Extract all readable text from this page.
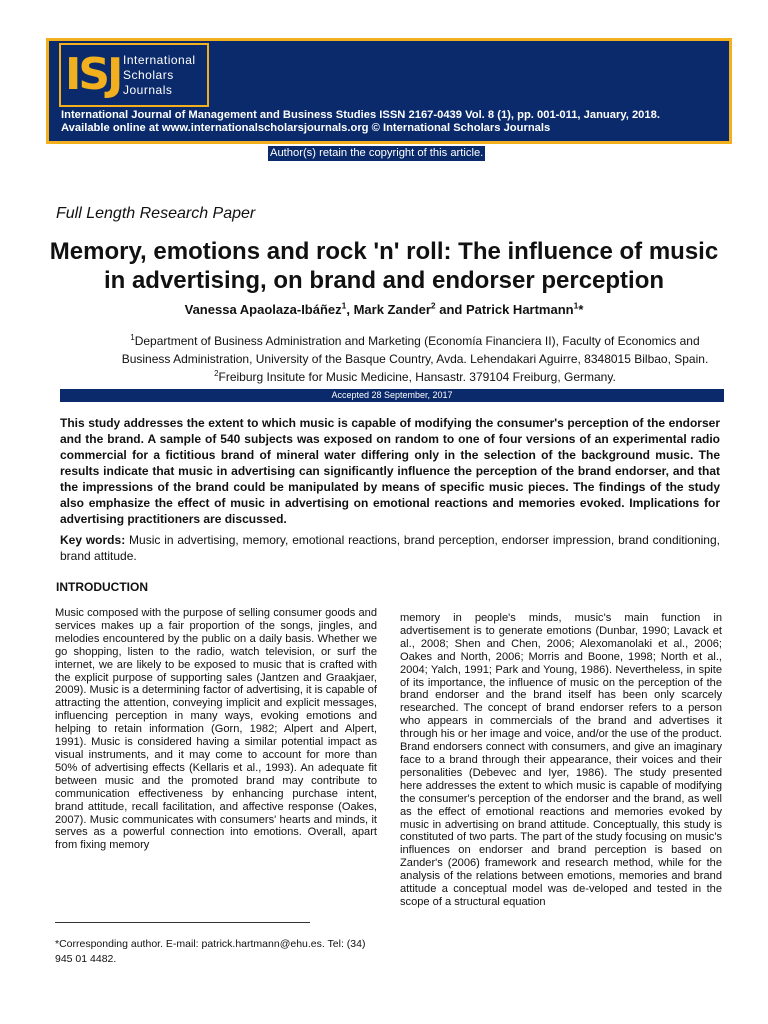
ISJ International
Scholars
Journals
International Journal of Management and Business Studies ISSN 2167-0439 Vol. 8 (1), pp. 001-011, January, 2018.
Available online at www.internationalscholarsjournals.org © International Scholars Journals
Author(s) retain the copyright of this article.
Full Length Research Paper
Memory, emotions and rock 'n' roll: The influence of music in advertising, on brand and endorser perception
Vanessa Apaolaza-Ibáñez$^1$, Mark Zander$^2$ and Patrick Hartmann$^1$*
$^1$Department of Business Administration and Marketing (Economía Financiera II), Faculty of Economics and Business Administration, University of the Basque Country, Avda. Lehendakari Aguirre, 8348015 Bilbao, Spain. $^2$Freiburg Insitute for Music Medicine, Hansastr. 379104 Freiburg, Germany.
Accepted 28 September, 2017
This study addresses the extent to which music is capable of modifying the consumer's perception of the endorser and the brand. A sample of 540 subjects was exposed on random to one of four versions of an experimental radio commercial for a fictitious brand of mineral water differing only in the selection of the background music. The results indicate that music in advertising can significantly influence the perception of the brand endorser, and that the impressions of the brand could be manipulated by means of specific music pieces. The findings of the study also emphasize the effect of music in advertising on emotional reactions and memories evoked. Implications for advertising practitioners are discussed.
Key words: Music in advertising, memory, emotional reactions, brand perception, endorser impression, brand conditioning, brand attitude.
INTRODUCTION
Music composed with the purpose of selling consumer goods and services makes up a fair proportion of the songs, jingles, and melodies encountered by the public on a daily basis. Whether we go shopping, listen to the radio, watch television, or surf the internet, we are likely to be exposed to music that is crafted with the explicit purpose of supporting sales (Jantzen and Graakjaer, 2009). Music is a determining factor of advertising, it is capable of attracting the attention, conveying implicit and explicit messages, influencing perception in many ways, evoking emotions and helping to retain information (Gorn, 1982; Alpert and Alpert, 1991). Music is considered having a similar potential impact as visual instruments, and it may come to account for more than 50% of advertising effects (Kellaris et al., 1993). An adequate fit between music and the promoted brand may contribute to communication effectiveness by enhancing purchase intent, brand attitude, recall facilitation, and affective response (Oakes, 2007). Music communicates with consumers' hearts and minds, it serves as a powerful connection into emotions. Overall, apart from fixing memory
memory in people's minds, music's main function in advertisement is to generate emotions (Dunbar, 1990; Lavack et al., 2008; Shen and Chen, 2006; Alexomanolaki et al., 2006; Oakes and North, 2006; Morris and Boone, 1998; North et al., 2004; Yalch, 1991; Park and Young, 1986). Nevertheless, in spite of its importance, the influence of music on the perception of the brand endorser and the brand itself has been only scarcely researched. The concept of brand endorser refers to a person who appears in commercials of the brand and advertises it through his or her image and voice, and/or the use of the product. Brand endorsers connect with consumers, and give an imaginary face to a brand through their appearance, their voices and their personalities (Debevec and Iyer, 1986). The study presented here addresses the extent to which music is capable of modifying the consumer's perception of the endorser and the brand, as well as the effect of emotional reactions and memories evoked by music in advertising on brand attitude. Conceptually, this study is constituted of two parts. The part of the study focusing on music's influences on endorser and brand perception is based on Zander's (2006) framework and research method, while for the analysis of the relations between emotions, memories and brand attitude a conceptual model was de-veloped and tested in the scope of a structural equation
*Corresponding author. E-mail: patrick.hartmann@ehu.es. Tel: (34) 945 01 4482.
